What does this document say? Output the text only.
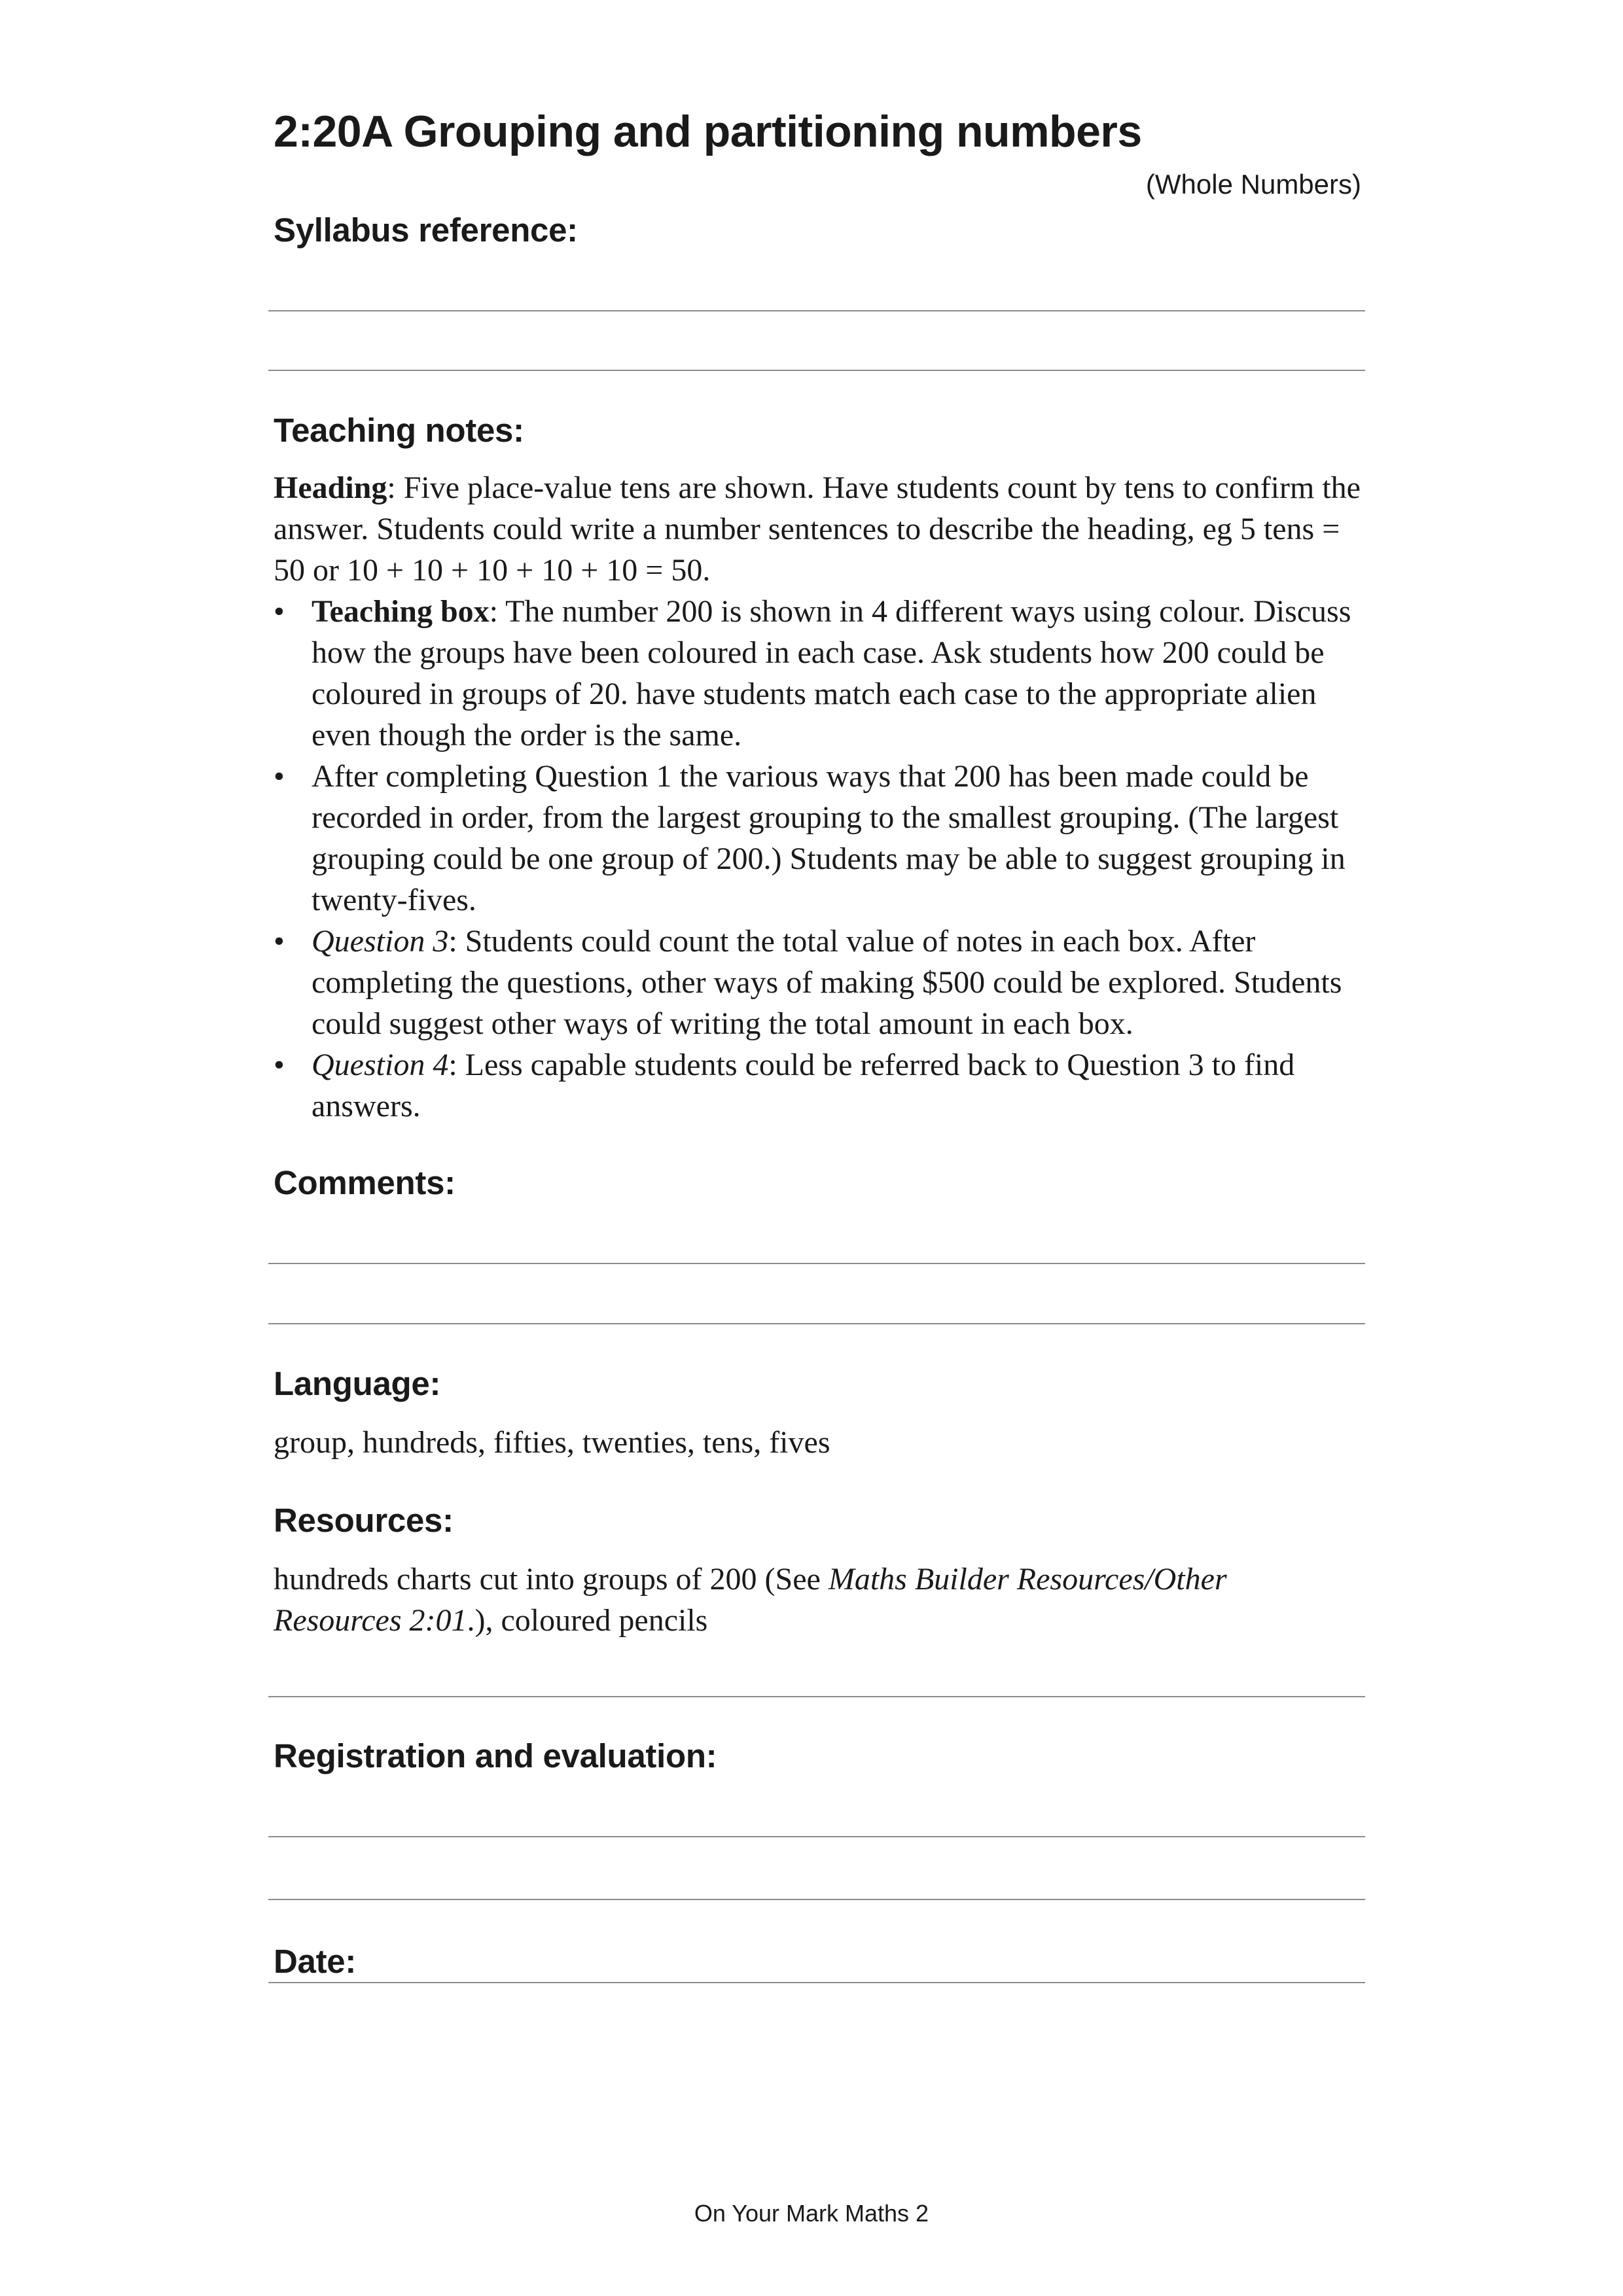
2:20A Grouping and partitioning numbers
(Whole Numbers)
Syllabus reference:
Teaching notes:
Heading: Five place-value tens are shown. Have students count by tens to confirm the answer. Students could write a number sentences to describe the heading, eg 5 tens = 50 or 10 + 10 + 10 + 10 + 10 = 50.
• Teaching box: The number 200 is shown in 4 different ways using colour. Discuss how the groups have been coloured in each case. Ask students how 200 could be coloured in groups of 20. have students match each case to the appropriate alien even though the order is the same.
• After completing Question 1 the various ways that 200 has been made could be recorded in order, from the largest grouping to the smallest grouping. (The largest grouping could be one group of 200.) Students may be able to suggest grouping in twenty-fives.
• Question 3: Students could count the total value of notes in each box. After completing the questions, other ways of making $500 could be explored. Students could suggest other ways of writing the total amount in each box.
• Question 4: Less capable students could be referred back to Question 3 to find answers.
Comments:
Language:
group, hundreds, fifties, twenties, tens, fives
Resources:
hundreds charts cut into groups of 200 (See Maths Builder Resources/Other Resources 2:01.), coloured pencils
Registration and evaluation:
Date:
On Your Mark Maths 2
